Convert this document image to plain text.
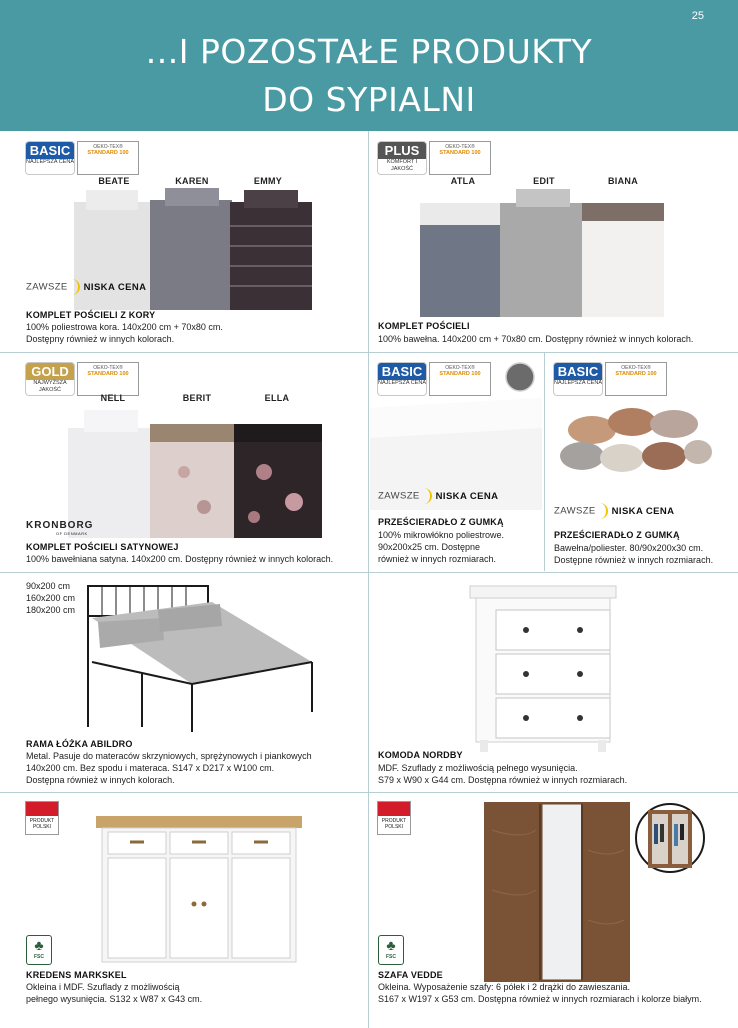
25
...I POZOSTAŁE PRODUKTY
DO SYPIALNI
BASIC
NAJLEPSZA CENA
OEKO-TEX®
STANDARD 100
BEATE	KAREN	EMMY
ZAWSZE NISKA CENA
KOMPLET POŚCIELI Z KORY
100% poliestrowa kora. 140x200 cm + 70x80 cm.
Dostępny również w innych kolorach.
PLUS
KOMFORT I JAKOŚĆ
OEKO-TEX®
STANDARD 100
ATLA	EDIT	BIANA
KOMPLET POŚCIELI
100% bawełna. 140x200 cm + 70x80 cm. Dostępny również w innych kolorach.
GOLD
NAJWYŻSZA JAKOŚĆ
OEKO-TEX®
STANDARD 100
NELL	BERIT	ELLA
KRONBORG
OF DENMARK
KOMPLET POŚCIELI SATYNOWEJ
100% bawełniana satyna. 140x200 cm. Dostępny również w innych kolorach.
BASIC
NAJLEPSZA CENA
OEKO-TEX®
STANDARD 100
ZAWSZE NISKA CENA
PRZEŚCIERADŁO Z GUMKĄ
100% mikrowłókno poliestrowe.
90x200x25 cm. Dostępne
również w innych rozmiarach.
BASIC
NAJLEPSZA CENA
OEKO-TEX®
STANDARD 100
ZAWSZE NISKA CENA
PRZEŚCIERADŁO Z GUMKĄ
Bawełna/poliester. 80/90x200x30 cm.
Dostępne również w innych rozmiarach.
90x200 cm
160x200 cm
180x200 cm
RAMA ŁÓŻKA ABILDRO
Metal. Pasuje do materaców skrzyniowych, sprężynowych i piankowych
140x200 cm. Bez spodu i materaca. S147 x D217 x W100 cm.
Dostępna również w innych kolorach.
KOMODA NORDBY
MDF. Szuflady z możliwością pełnego wysunięcia.
S79 x W90 x G44 cm. Dostępna również w innych rozmiarach.
PRODUKT POLSKI
♣
FSC
KREDENS MARKSKEL
Okleina i MDF. Szuflady z możliwością
pełnego wysunięcia. S132 x W87 x G43 cm.
PRODUKT POLSKI
♣
FSC
SZAFA VEDDE
Okleina. Wyposażenie szafy: 6 półek i 2 drążki do zawieszania.
S167 x W197 x G53 cm. Dostępna również w innych rozmiarach i kolorze białym.
